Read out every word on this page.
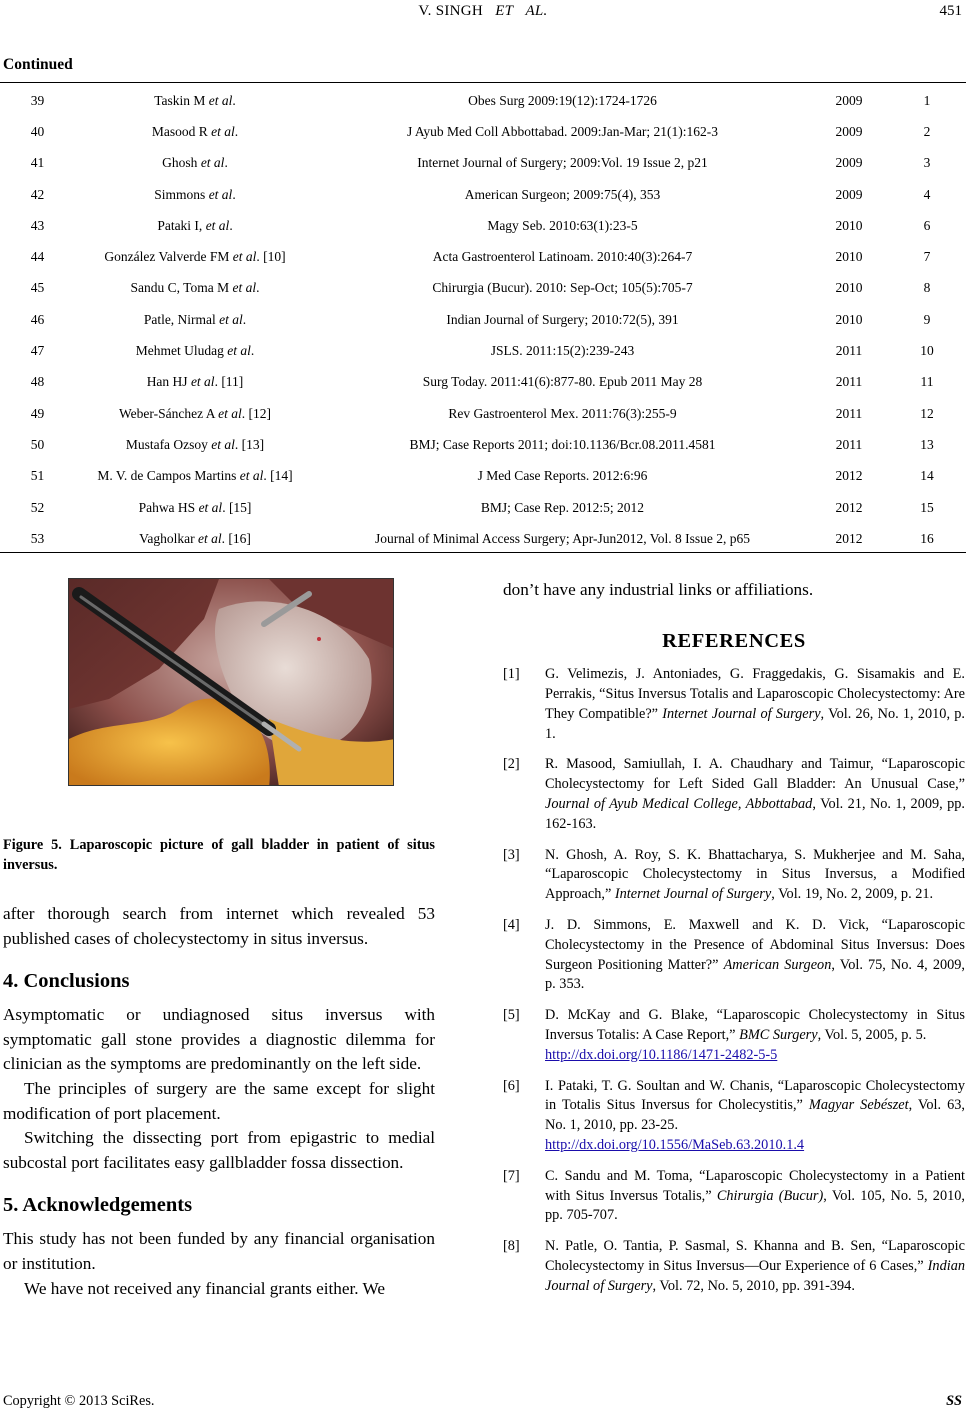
V. SINGH ET AL.	451
Continued
39	Taskin M et al.	Obes Surg 2009:19(12):1724-1726	2009	1
40	Masood R et al.	J Ayub Med Coll Abbottabad. 2009:Jan-Mar; 21(1):162-3	2009	2
41	Ghosh et al.	Internet Journal of Surgery; 2009:Vol. 19 Issue 2, p21	2009	3
42	Simmons et al.	American Surgeon; 2009:75(4), 353	2009	4
43	Pataki I, et al.	Magy Seb. 2010:63(1):23-5	2010	6
44	González Valverde FM et al. [10]	Acta Gastroenterol Latinoam. 2010:40(3):264-7	2010	7
45	Sandu C, Toma M et al.	Chirurgia (Bucur). 2010: Sep-Oct; 105(5):705-7	2010	8
46	Patle, Nirmal et al.	Indian Journal of Surgery; 2010:72(5), 391	2010	9
47	Mehmet Uludag et al.	JSLS. 2011:15(2):239-243	2011	10
48	Han HJ et al. [11]	Surg Today. 2011:41(6):877-80. Epub 2011 May 28	2011	11
49	Weber-Sánchez A et al. [12]	Rev Gastroenterol Mex. 2011:76(3):255-9	2011	12
50	Mustafa Ozsoy et al. [13]	BMJ; Case Reports 2011; doi:10.1136/Bcr.08.2011.4581	2011	13
51	M. V. de Campos Martins et al. [14]	J Med Case Reports. 2012:6:96	2012	14
52	Pahwa HS et al. [15]	BMJ; Case Rep. 2012:5; 2012	2012	15
53	Vagholkar et al. [16]	Journal of Minimal Access Surgery; Apr-Jun2012, Vol. 8 Issue 2, p65	2012	16
Figure 5. Laparoscopic picture of gall bladder in patient of situs inversus.

after thorough search from internet which revealed 53 published cases of cholecystectomy in situs inversus.

4. Conclusions

Asymptomatic or undiagnosed situs inversus with symptomatic gall stone provides a diagnostic dilemma for clinician as the symptoms are predominantly on the left side.

The principles of surgery are the same except for slight modification of port placement.

Switching the dissecting port from epigastric to medial subcostal port facilitates easy gallbladder fossa dissection.

5. Acknowledgements

This study has not been funded by any financial organisation or institution.

We have not received any financial grants either. We

don’t have any industrial links or affiliations.

REFERENCES
[1]	G. Velimezis, J. Antoniades, G. Fraggedakis, G. Sisamakis and E. Perrakis, “Situs Inversus Totalis and Laparoscopic Cholecystectomy: Are They Compatible?” Internet Journal of Surgery, Vol. 26, No. 1, 2010, p. 1.
[2]	R. Masood, Samiullah, I. A. Chaudhary and Taimur, “Laparoscopic Cholecystectomy for Left Sided Gall Bladder: An Unusual Case,” Journal of Ayub Medical College, Abbottabad, Vol. 21, No. 1, 2009, pp. 162-163.
[3]	N. Ghosh, A. Roy, S. K. Bhattacharya, S. Mukherjee and M. Saha, “Laparoscopic Cholecystectomy in Situs Inversus, a Modified Approach,” Internet Journal of Surgery, Vol. 19, No. 2, 2009, p. 21.
[4]	J. D. Simmons, E. Maxwell and K. D. Vick, “Laparoscopic Cholecystectomy in the Presence of Abdominal Situs Inversus: Does Surgeon Positioning Matter?” American Surgeon, Vol. 75, No. 4, 2009, p. 353.
[5]	D. McKay and G. Blake, “Laparoscopic Cholecystectomy in Situs Inversus Totalis: A Case Report,” BMC Surgery, Vol. 5, 2005, p. 5.
http://dx.doi.org/10.1186/1471-2482-5-5
[6]	I. Pataki, T. G. Soultan and W. Chanis, “Laparoscopic Cholecystectomy in Totalis Situs Inversus for Cholecystitis,” Magyar Sebészet, Vol. 63, No. 1, 2010, pp. 23-25.
http://dx.doi.org/10.1556/MaSeb.63.2010.1.4
[7]	C. Sandu and M. Toma, “Laparoscopic Cholecystectomy in a Patient with Situs Inversus Totalis,” Chirurgia (Bucur), Vol. 105, No. 5, 2010, pp. 705-707.
[8]	N. Patle, O. Tantia, P. Sasmal, S. Khanna and B. Sen, “Laparoscopic Cholecystectomy in Situs Inversus—Our Experience of 6 Cases,” Indian Journal of Surgery, Vol. 72, No. 5, 2010, pp. 391-394.
Copyright © 2013 SciRes.	SS
